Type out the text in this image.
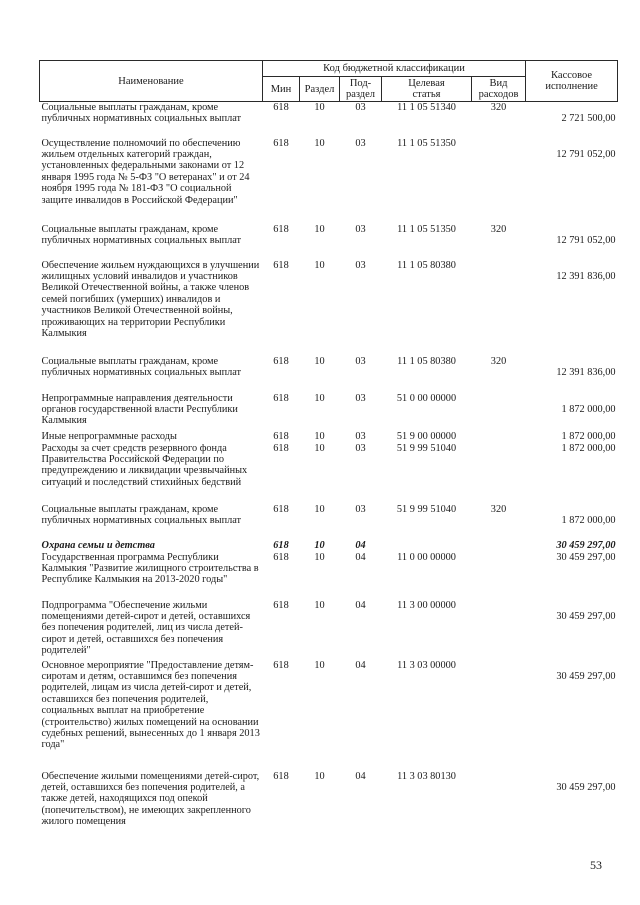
Наименование	Код бюджетной классификации					Кассовое
исполнение
	Мин	Раздел	Под-
раздел	Целевая
статья	Вид
расходов	
Социальные выплаты гражданам, кроме публичных нормативных социальных выплат	618	10	03	11 1 05 51340	320	2 721 500,00
Осуществление полномочий по обеспечению жильем отдельных категорий граждан, установленных федеральными законами от 12 января 1995 года № 5-ФЗ "О ветеранах" и от 24 ноября 1995 года № 181-ФЗ "О социальной защите инвалидов в Российской Федерации"	618	10	03	11 1 05 51350		12 791 052,00
Социальные выплаты гражданам, кроме публичных нормативных социальных выплат	618	10	03	11 1 05 51350	320	12 791 052,00
Обеспечение жильем нуждающихся в улучшении жилищных условий инвалидов и участников Великой Отечественной войны, а также членов семей погибших (умерших) инвалидов и участников Великой Отечественной войны, проживающих на территории Республики Калмыкия	618	10	03	11 1 05 80380		12 391 836,00
Социальные выплаты гражданам, кроме публичных нормативных социальных выплат	618	10	03	11 1 05 80380	320	12 391 836,00
Непрограммные направления деятельности органов государственной власти Республики Калмыкия	618	10	03	51 0 00 00000		1 872 000,00
Иные непрограммные расходы	618	10	03	51 9 00 00000		1 872 000,00
Расходы за счет средств резервного фонда Правительства Российской Федерации по предупреждению и ликвидации чрезвычайных ситуаций и последствий стихийных бедствий	618	10	03	51 9 99 51040		1 872 000,00
Социальные выплаты гражданам, кроме публичных нормативных социальных выплат	618	10	03	51 9 99 51040	320	1 872 000,00
Охрана семьи и детства	618	10	04			30 459 297,00
Государственная программа Республики Калмыкия "Развитие жилищного строительства в Республике Калмыкия на 2013-2020 годы"	618	10	04	11 0 00 00000		30 459 297,00
Подпрограмма "Обеспечение жильми помещениями детей-сирот и детей, оставшихся без попечения родителей, лиц из числа детей-сирот и детей, оставшихся без попечения родителей"	618	10	04	11 3 00 00000		30 459 297,00
Основное мероприятие "Предоставление детям-сиротам и детям, оставшимся без попечения родителей, лицам из числа детей-сирот и детей, оставшихся без попечения родителей, социальных выплат на приобретение (строительство) жилых помещений на основании судебных решений, вынесенных до 1 января 2013 года"	618	10	04	11 3 03 00000		30 459 297,00
Обеспечение жилыми помещениями детей-сирот, детей, оставшихся без попечения родителей, а также детей, находящихся под опекой (попечительством), не имеющих закрепленного жилого помещения	618	10	04	11 3 03 80130		30 459 297,00
53
